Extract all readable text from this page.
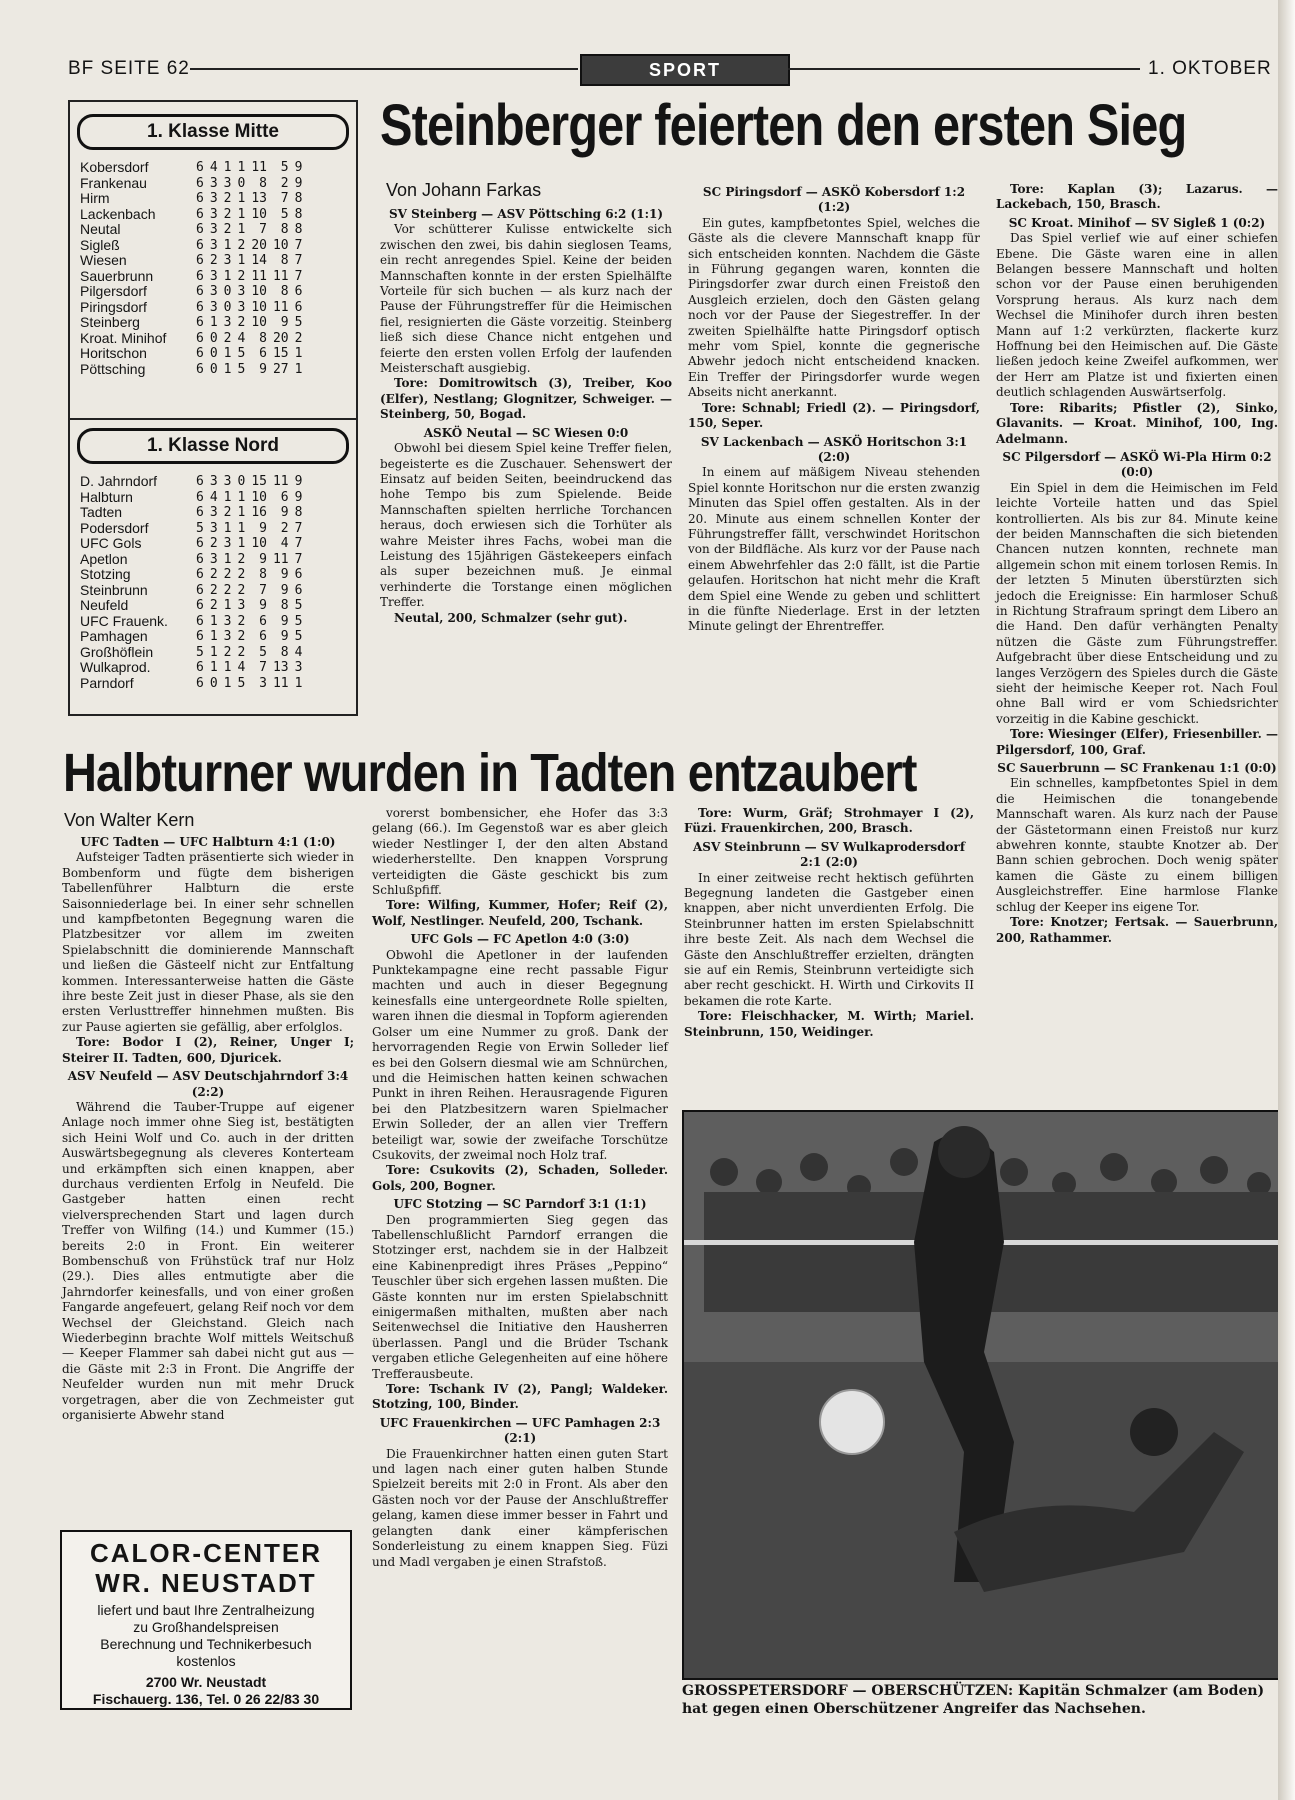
BF SEITE 62	SPORT	1. OKTOBER
1. Klasse Mitte
Kobersdorf	6	4	1	1	11	5	9
Frankenau	6	3	3	0	8	2	9
Hirm	6	3	2	1	13	7	8
Lackenbach	6	3	2	1	10	5	8
Neutal	6	3	2	1	7	8	8
Sigleß	6	3	1	2	20	10	7
Wiesen	6	2	3	1	14	8	7
Sauerbrunn	6	3	1	2	11	11	7
Pilgersdorf	6	3	0	3	10	8	6
Piringsdorf	6	3	0	3	10	11	6
Steinberg	6	1	3	2	10	9	5
Kroat. Minihof	6	0	2	4	8	20	2
Horitschon	6	0	1	5	6	15	1
Pöttsching	6	0	1	5	9	27	1
1. Klasse Nord
D. Jahrndorf	6	3	3	0	15	11	9
Halbturn	6	4	1	1	10	6	9
Tadten	6	3	2	1	16	9	8
Podersdorf	5	3	1	1	9	2	7
UFC Gols	6	2	3	1	10	4	7
Apetlon	6	3	1	2	9	11	7
Stotzing	6	2	2	2	8	9	6
Steinbrunn	6	2	2	2	7	9	6
Neufeld	6	2	1	3	9	8	5
UFC Frauenk.	6	1	3	2	6	9	5
Pamhagen	6	1	3	2	6	9	5
Großhöflein	5	1	2	2	5	8	4
Wulkaprod.	6	1	1	4	7	13	3
Parndorf	6	0	1	5	3	11	1
Steinberger feierten den ersten Sieg
Von Johann Farkas

SV Steinberg — ASV Pöttsching 6:2 (1:1)

Vor schütterer Kulisse entwickelte sich zwischen den zwei, bis dahin sieglosen Teams, ein recht anregendes Spiel. Keine der beiden Mannschaften konnte in der ersten Spielhälfte Vorteile für sich buchen — als kurz nach der Pause der Führungstreffer für die Heimischen fiel, resignierten die Gäste vorzeitig. Steinberg ließ sich diese Chance nicht entgehen und feierte den ersten vollen Erfolg der laufenden Meisterschaft ausgiebig.

Tore: Domitrowitsch (3), Treiber, Koo (Elfer), Nestlang; Glognitzer, Schweiger. — Steinberg, 50, Bogad.

ASKÖ Neutal — SC Wiesen 0:0

Obwohl bei diesem Spiel keine Treffer fielen, begeisterte es die Zuschauer. Sehenswert der Einsatz auf beiden Seiten, beeindruckend das hohe Tempo bis zum Spielende. Beide Mannschaften spielten herrliche Torchancen heraus, doch erwiesen sich die Torhüter als wahre Meister ihres Fachs, wobei man die Leistung des 15jährigen Gästekeepers einfach als super bezeichnen muß. Je einmal verhinderte die Torstange einen möglichen Treffer.

Neutal, 200, Schmalzer (sehr gut).

SC Piringsdorf — ASKÖ Kobersdorf 1:2 (1:2)

Ein gutes, kampfbetontes Spiel, welches die Gäste als die clevere Mannschaft knapp für sich entscheiden konnten. Nachdem die Gäste in Führung gegangen waren, konnten die Piringsdorfer zwar durch einen Freistoß den Ausgleich erzielen, doch den Gästen gelang noch vor der Pause der Siegestreffer. In der zweiten Spielhälfte hatte Piringsdorf optisch mehr vom Spiel, konnte die gegnerische Abwehr jedoch nicht entscheidend knacken. Ein Treffer der Piringsdorfer wurde wegen Abseits nicht anerkannt.

Tore: Schnabl; Friedl (2). — Piringsdorf, 150, Seper.

SV Lackenbach — ASKÖ Horitschon 3:1 (2:0)

In einem auf mäßigem Niveau stehenden Spiel konnte Horitschon nur die ersten zwanzig Minuten das Spiel offen gestalten. Als in der 20. Minute aus einem schnellen Konter der Führungstreffer fällt, verschwindet Horitschon von der Bildfläche. Als kurz vor der Pause nach einem Abwehrfehler das 2:0 fällt, ist die Partie gelaufen. Horitschon hat nicht mehr die Kraft dem Spiel eine Wende zu geben und schlittert in die fünfte Niederlage. Erst in der letzten Minute gelingt der Ehrentreffer.

Tore: Kaplan (3); Lazarus. — Lackebach, 150, Brasch.

SC Kroat. Minihof — SV Sigleß 1 (0:2)

Das Spiel verlief wie auf einer schiefen Ebene. Die Gäste waren eine in allen Belangen bessere Mannschaft und holten schon vor der Pause einen beruhigenden Vorsprung heraus. Als kurz nach dem Wechsel die Minihofer durch ihren besten Mann auf 1:2 verkürzten, flackerte kurz Hoffnung bei den Heimischen auf. Die Gäste ließen jedoch keine Zweifel aufkommen, wer der Herr am Platze ist und fixierten einen deutlich schlagenden Auswärtserfolg.

Tore: Ribarits; Pfistler (2), Sinko, Glavanits. — Kroat. Minihof, 100, Ing. Adelmann.

SC Pilgersdorf — ASKÖ Wi-Pla Hirm 0:2 (0:0)

Ein Spiel in dem die Heimischen im Feld leichte Vorteile hatten und das Spiel kontrollierten. Als bis zur 84. Minute keine der beiden Mannschaften die sich bietenden Chancen nutzen konnten, rechnete man allgemein schon mit einem torlosen Remis. In der letzten 5 Minuten überstürzten sich jedoch die Ereignisse: Ein harmloser Schuß in Richtung Strafraum springt dem Libero an die Hand. Den dafür verhängten Penalty nützen die Gäste zum Führungstreffer. Aufgebracht über diese Entscheidung und zu langes Verzögern des Spieles durch die Gäste sieht der heimische Keeper rot. Nach Foul ohne Ball wird er vom Schiedsrichter vorzeitig in die Kabine geschickt.

Tore: Wiesinger (Elfer), Friesenbiller. — Pilgersdorf, 100, Graf.

SC Sauerbrunn — SC Frankenau 1:1 (0:0)

Ein schnelles, kampfbetontes Spiel in dem die Heimischen die tonangebende Mannschaft waren. Als kurz nach der Pause der Gästetormann einen Freistoß nur kurz abwehren konnte, staubte Knotzer ab. Der Bann schien gebrochen. Doch wenig später kamen die Gäste zu einem billigen Ausgleichstreffer. Eine harmlose Flanke schlug der Keeper ins eigene Tor.

Tore: Knotzer; Fertsak. — Sauerbrunn, 200, Rathammer.

Halbturner wurden in Tadten entzaubert
Von Walter Kern

UFC Tadten — UFC Halbturn 4:1 (1:0)

Aufsteiger Tadten präsentierte sich wieder in Bombenform und fügte dem bisherigen Tabellenführer Halbturn die erste Saisonniederlage bei. In einer sehr schnellen und kampfbetonten Begegnung waren die Platzbesitzer vor allem im zweiten Spielabschnitt die dominierende Mannschaft und ließen die Gästeelf nicht zur Entfaltung kommen. Interessanterweise hatten die Gäste ihre beste Zeit just in dieser Phase, als sie den ersten Verlusttreffer hinnehmen mußten. Bis zur Pause agierten sie gefällig, aber erfolglos.

Tore: Bodor I (2), Reiner, Unger I; Steirer II. Tadten, 600, Djuricek.

ASV Neufeld — ASV Deutschjahrndorf 3:4 (2:2)

Während die Tauber-Truppe auf eigener Anlage noch immer ohne Sieg ist, bestätigten sich Heini Wolf und Co. auch in der dritten Auswärtsbegegnung als cleveres Konterteam und erkämpften sich einen knappen, aber durchaus verdienten Erfolg in Neufeld. Die Gastgeber hatten einen recht vielversprechenden Start und lagen durch Treffer von Wilfing (14.) und Kummer (15.) bereits 2:0 in Front. Ein weiterer Bombenschuß von Frühstück traf nur Holz (29.). Dies alles entmutigte aber die Jahrndorfer keinesfalls, und von einer großen Fangarde angefeuert, gelang Reif noch vor dem Wechsel der Gleichstand. Gleich nach Wiederbeginn brachte Wolf mittels Weitschuß — Keeper Flammer sah dabei nicht gut aus — die Gäste mit 2:3 in Front. Die Angriffe der Neufelder wurden nun mit mehr Druck vorgetragen, aber die von Zechmeister gut organisierte Abwehr stand

vorerst bombensicher, ehe Hofer das 3:3 gelang (66.). Im Gegenstoß war es aber gleich wieder Nestlinger I, der den alten Abstand wiederherstellte. Den knappen Vorsprung verteidigten die Gäste geschickt bis zum Schlußpfiff.

Tore: Wilfing, Kummer, Hofer; Reif (2), Wolf, Nestlinger. Neufeld, 200, Tschank.

UFC Gols — FC Apetlon 4:0 (3:0)

Obwohl die Apetloner in der laufenden Punktekampagne eine recht passable Figur machten und auch in dieser Begegnung keinesfalls eine untergeordnete Rolle spielten, waren ihnen die diesmal in Topform agierenden Golser um eine Nummer zu groß. Dank der hervorragenden Regie von Erwin Solleder lief es bei den Golsern diesmal wie am Schnürchen, und die Heimischen hatten keinen schwachen Punkt in ihren Reihen. Herausragende Figuren bei den Platzbesitzern waren Spielmacher Erwin Solleder, der an allen vier Treffern beteiligt war, sowie der zweifache Torschütze Csukovits, der zweimal noch Holz traf.

Tore: Csukovits (2), Schaden, Solleder. Gols, 200, Bogner.

UFC Stotzing — SC Parndorf 3:1 (1:1)

Den programmierten Sieg gegen das Tabellenschlußlicht Parndorf errangen die Stotzinger erst, nachdem sie in der Halbzeit eine Kabinenpredigt ihres Präses „Peppino“ Teuschler über sich ergehen lassen mußten. Die Gäste konnten nur im ersten Spielabschnitt einigermaßen mithalten, mußten aber nach Seitenwechsel die Initiative den Hausherren überlassen. Pangl und die Brüder Tschank vergaben etliche Gelegenheiten auf eine höhere Trefferausbeute.

Tore: Tschank IV (2), Pangl; Waldeker. Stotzing, 100, Binder.

UFC Frauenkirchen — UFC Pamhagen 2:3 (2:1)

Die Frauenkirchner hatten einen guten Start und lagen nach einer guten halben Stunde Spielzeit bereits mit 2:0 in Front. Als aber den Gästen noch vor der Pause der Anschlußtreffer gelang, kamen diese immer besser in Fahrt und gelangten dank einer kämpferischen Sonderleistung zu einem knappen Sieg. Füzi und Madl vergaben je einen Strafstoß.

Tore: Wurm, Gräf; Strohmayer I (2), Füzi. Frauenkirchen, 200, Brasch.

ASV Steinbrunn — SV Wulkaprodersdorf 2:1 (2:0)

In einer zeitweise recht hektisch geführten Begegnung landeten die Gastgeber einen knappen, aber nicht unverdienten Erfolg. Die Steinbrunner hatten im ersten Spielabschnitt ihre beste Zeit. Als nach dem Wechsel die Gäste den Anschlußtreffer erzielten, drängten sie auf ein Remis, Steinbrunn verteidigte sich aber recht geschickt. H. Wirth und Cirkovits II bekamen die rote Karte.

Tore: Fleischhacker, M. Wirth; Mariel. Steinbrunn, 150, Weidinger.

CALOR-CENTER
WR. NEUSTADT
liefert und baut Ihre Zentralheizung
zu Großhandelspreisen
Berechnung und Technikerbesuch
kostenlos
2700 Wr. Neustadt
Fischauerg. 136, Tel. 0 26 22/83 30	GROSSPETERSDORF — OBERSCHÜTZEN: Kapitän Schmalzer (am Boden) hat gegen einen Oberschützener Angreifer das Nachsehen.
